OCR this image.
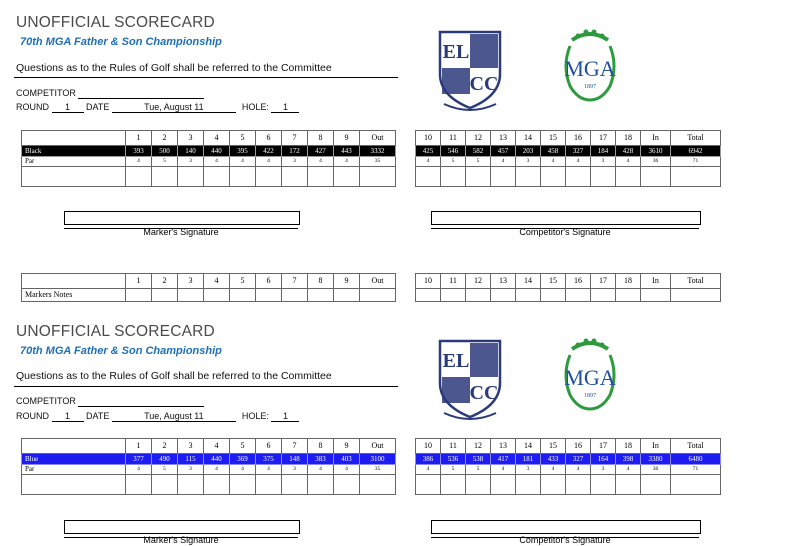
UNOFFICIAL SCORECARD
70th MGA Father & Son Championship
Questions as to the Rules of Golf shall be referred to the Committee
COMPETITOR
ROUND 1 DATE	Tue, August 11	HOLE: 1
EL
CC
MGA
1897
	1	2	3	4	5	6	7	8	9	Out
Black	393	500	140	440	395	422	172	427	443	3332
Par	4	5	3	4	4	4	3	4	4	35

10	11	12	13	14	15	16	17	18	In	Total
425	546	582	457	203	458	327	184	428	3610	6942
4	5	5	4	3	4	4	3	4	36	71

Marker's Signature	Competitor's Signature
	1	2	3	4	5	6	7	8	9	Out
Markers Notes										
10	11	12	13	14	15	16	17	18	In	Total

UNOFFICIAL SCORECARD
70th MGA Father & Son Championship
Questions as to the Rules of Golf shall be referred to the Committee
COMPETITOR
ROUND 1 DATE	Tue, August 11	HOLE: 1
EL
CC
MGA
1897
	1	2	3	4	5	6	7	8	9	Out
Blue	377	490	115	440	369	375	148	383	403	3100
Par	4	5	3	4	4	4	3	4	4	35

10	11	12	13	14	15	16	17	18	In	Total
386	536	538	417	181	433	327	164	398	3380	6480
4	5	5	4	3	4	4	3	4	36	71

Marker's Signature	Competitor's Signature
